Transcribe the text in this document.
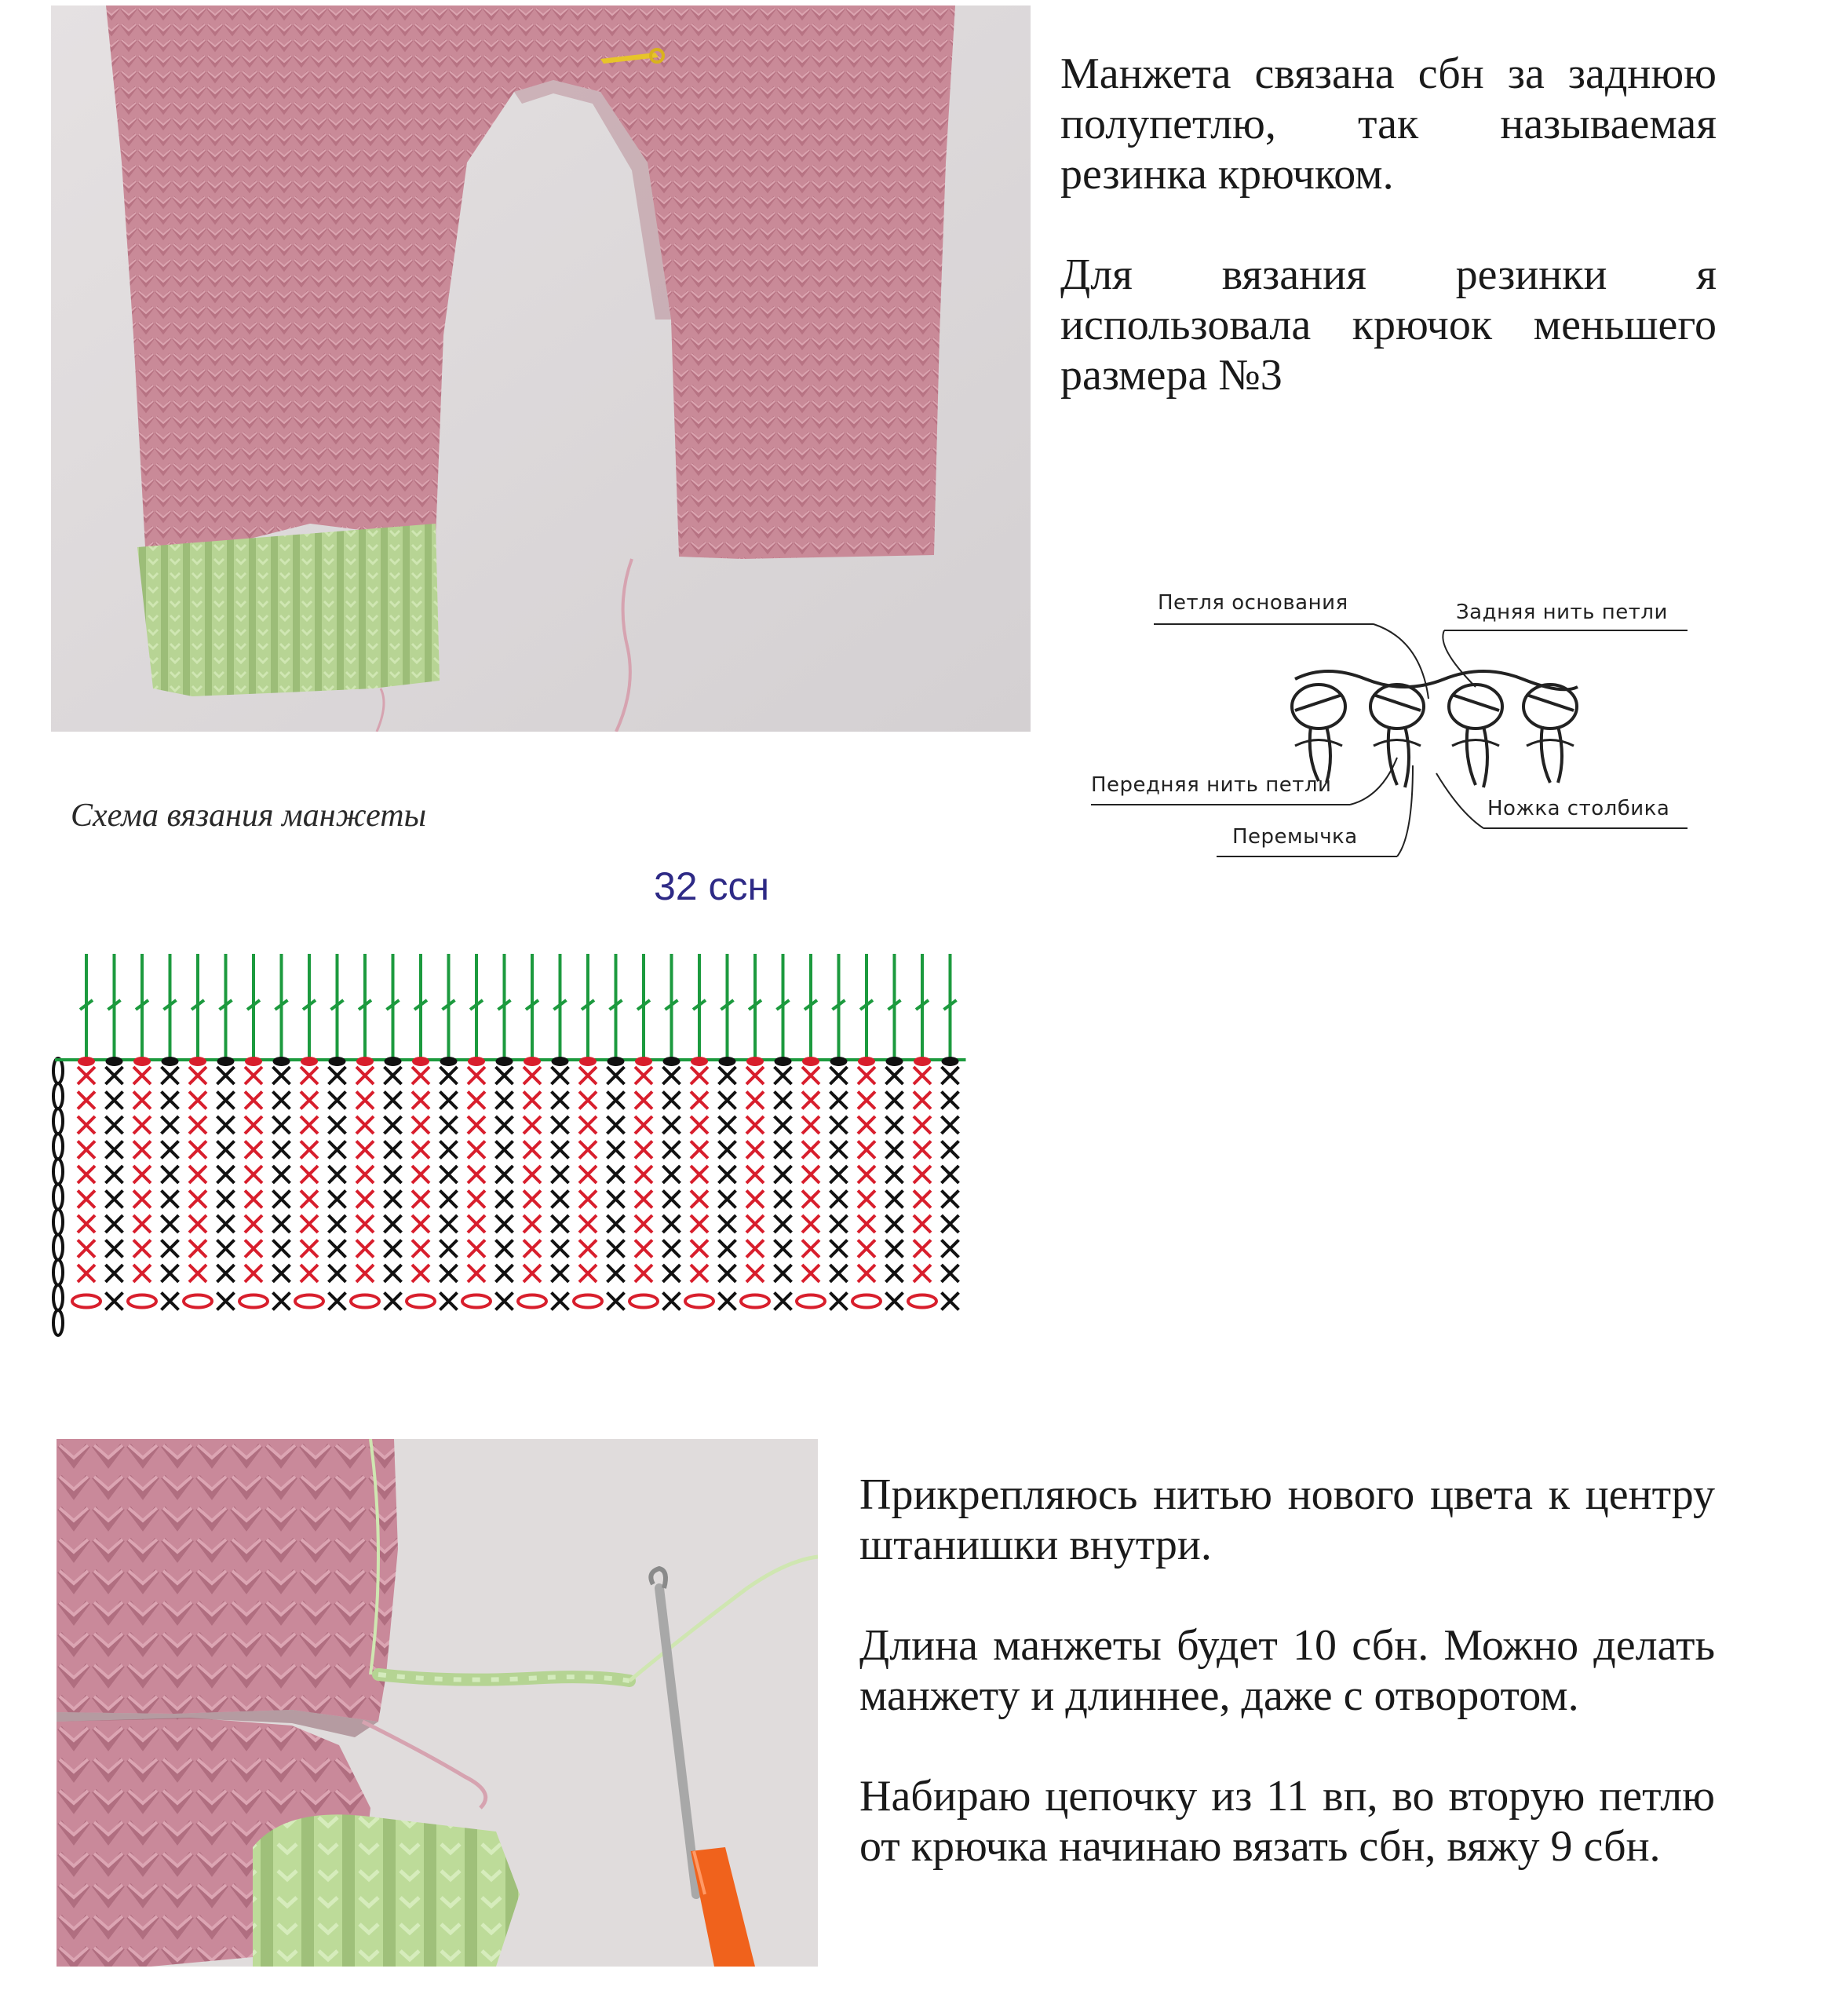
Манжета связана сбн за заднюю полупетлю, так называемая резинка крючком.

Для вязания резинки я использовала крючок меньшего размера №3

Петля основания	Задняя нить петли
Передняя нить петли
Ножка столбика
Перемычка
Схема вязания манжеты
32 ссн

Прикрепляюсь нитью нового цвета к центру штанишки внутри.

Длина манжеты будет 10 сбн. Можно делать манжету и длиннее, даже с отворотом.

Набираю цепочку из 11 вп, во вторую петлю от крючка начинаю вязать сбн, вяжу 9 сбн.
